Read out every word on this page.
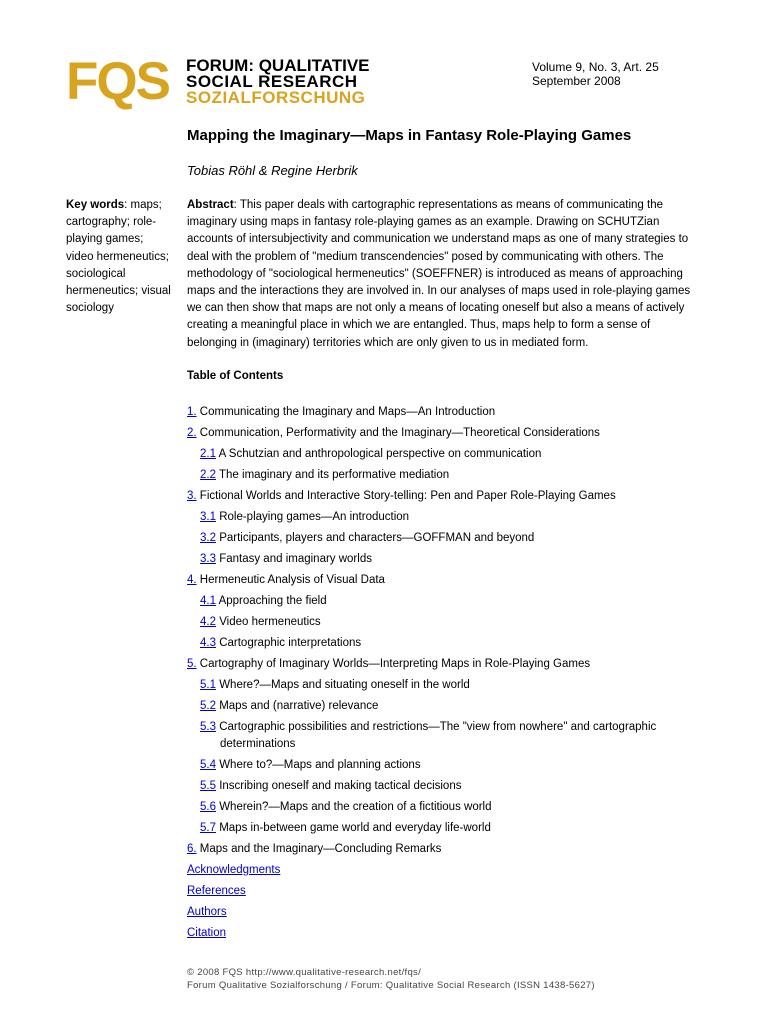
FQS FORUM: QUALITATIVE
SOCIAL RESEARCH
SOZIALFORSCHUNG
Volume 9, No. 3, Art. 25
September 2008
Mapping the Imaginary—Maps in Fantasy Role-Playing Games
Tobias Röhl & Regine Herbrik
Key words: maps; cartography; role-playing games; video hermeneutics; sociological hermeneutics; visual sociology
Abstract: This paper deals with cartographic representations as means of communicating the imaginary using maps in fantasy role-playing games as an example. Drawing on SCHUTZian accounts of intersubjectivity and communication we understand maps as one of many strategies to deal with the problem of "medium transcendencies" posed by communicating with others. The methodology of "sociological hermeneutics" (SOEFFNER) is introduced as means of approaching maps and the interactions they are involved in. In our analyses of maps used in role-playing games we can then show that maps are not only a means of locating oneself but also a means of actively creating a meaningful place in which we are entangled. Thus, maps help to form a sense of belonging in (imaginary) territories which are only given to us in mediated form.
Table of Contents
1. Communicating the Imaginary and Maps—An Introduction
2. Communication, Performativity and the Imaginary—Theoretical Considerations
2.1 A Schutzian and anthropological perspective on communication
2.2 The imaginary and its performative mediation
3. Fictional Worlds and Interactive Story-telling: Pen and Paper Role-Playing Games
3.1 Role-playing games—An introduction
3.2 Participants, players and characters—GOFFMAN and beyond
3.3 Fantasy and imaginary worlds
4. Hermeneutic Analysis of Visual Data
4.1 Approaching the field
4.2 Video hermeneutics
4.3 Cartographic interpretations
5. Cartography of Imaginary Worlds—Interpreting Maps in Role-Playing Games
5.1 Where?—Maps and situating oneself in the world
5.2 Maps and (narrative) relevance
5.3 Cartographic possibilities and restrictions—The "view from nowhere" and cartographic determinations
5.4 Where to?—Maps and planning actions
5.5 Inscribing oneself and making tactical decisions
5.6 Wherein?—Maps and the creation of a fictitious world
5.7 Maps in-between game world and everyday life-world
6. Maps and the Imaginary—Concluding Remarks
Acknowledgments
References
Authors
Citation
© 2008 FQS http://www.qualitative-research.net/fqs/
Forum Qualitative Sozialforschung / Forum: Qualitative Social Research (ISSN 1438-5627)
